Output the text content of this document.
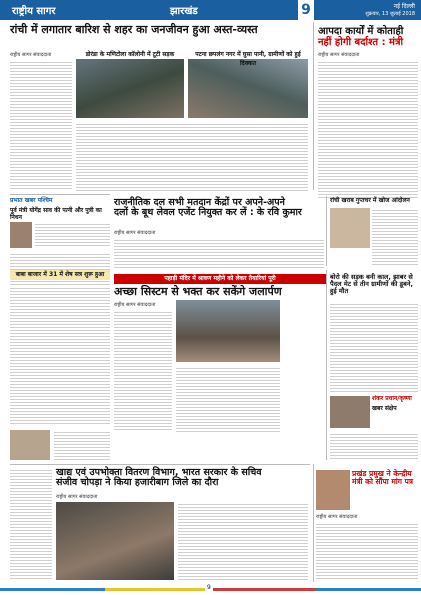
राष्ट्रीय सागर	झारखंड	9	नई दिल्ली
शुक्रवार, 13 जुलाई 2018
रांची में लगातार बारिश से शहर का जनजीवन हुआ अस्त-व्यस्त
राष्ट्रीय सागर संवाददाता	डोरंडा के मणिटोला कॉलोनी में टूटी सड़क	पटना छपलंग नगर में घुसा पानी, ग्रामीणों को हुई दिक्कत
आपदा कार्यों में कोताही
नहीं होगी बर्दाश्त : मंत्री
राष्ट्रीय सागर संवाददाता
प्रभात खबर पश्चिम
पूर्व मंत्री योगेंद्र साव की पत्नी और पुत्री का निधन
राजनीतिक दल सभी मतदान केंद्रों पर अपने-अपने
दलों के बूथ लेवल एजेंट नियुक्त कर लें : के रवि कुमार
राष्ट्रीय सागर संवाददाता
रांची खराब गुप्तचर में खोज आंदोलन
बाबा बाजार में 31 में शेष सत्र शुरू हुआ
पहाड़ी मंदिर में श्रावण महीने को लेकर तैयारियां पूरी
अच्छा सिस्टम से भक्त कर सकेंगे जलार्पण
राष्ट्रीय सागर संवाददाता
बोरो की सड़क बनी काल, झाबर से पैदल मेट से तीन ग्रामीणों की डूबने, हुई मौत
शंकर प्रधान/कृष्णा
खबर संक्षेप
खाद्य एवं उपभोक्ता वितरण विभाग, भारत सरकार के सचिव
संजीव चोपड़ा ने किया हजारीबाग जिले का दौरा
राष्ट्रीय सागर संवाददाता
प्रखंड प्रमुख ने केन्द्रीय मंत्री को सौंपा मांग पत्र
राष्ट्रीय सागर संवाददाता
9
